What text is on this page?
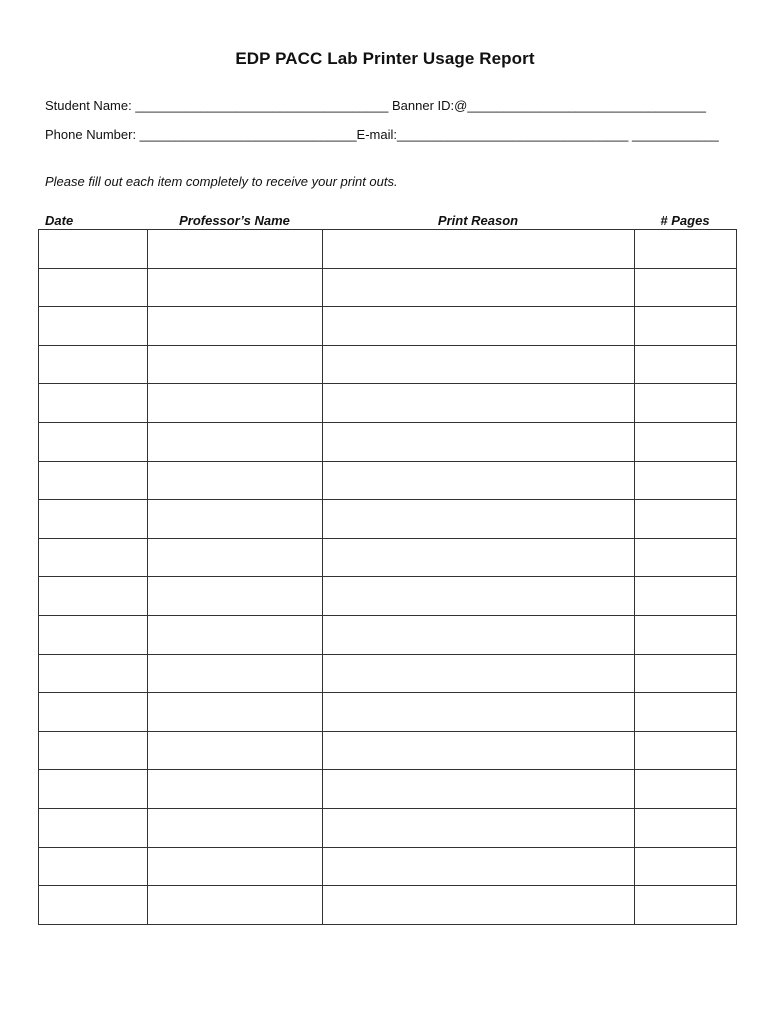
EDP PACC Lab Printer Usage Report
Student Name: ___________________________________ Banner ID:@_________________________________
Phone Number: ______________________________E-mail:________________________________ ____________
Please fill out each item completely to receive your print outs.
Date	Professor’s Name	Print Reason	# Pages
